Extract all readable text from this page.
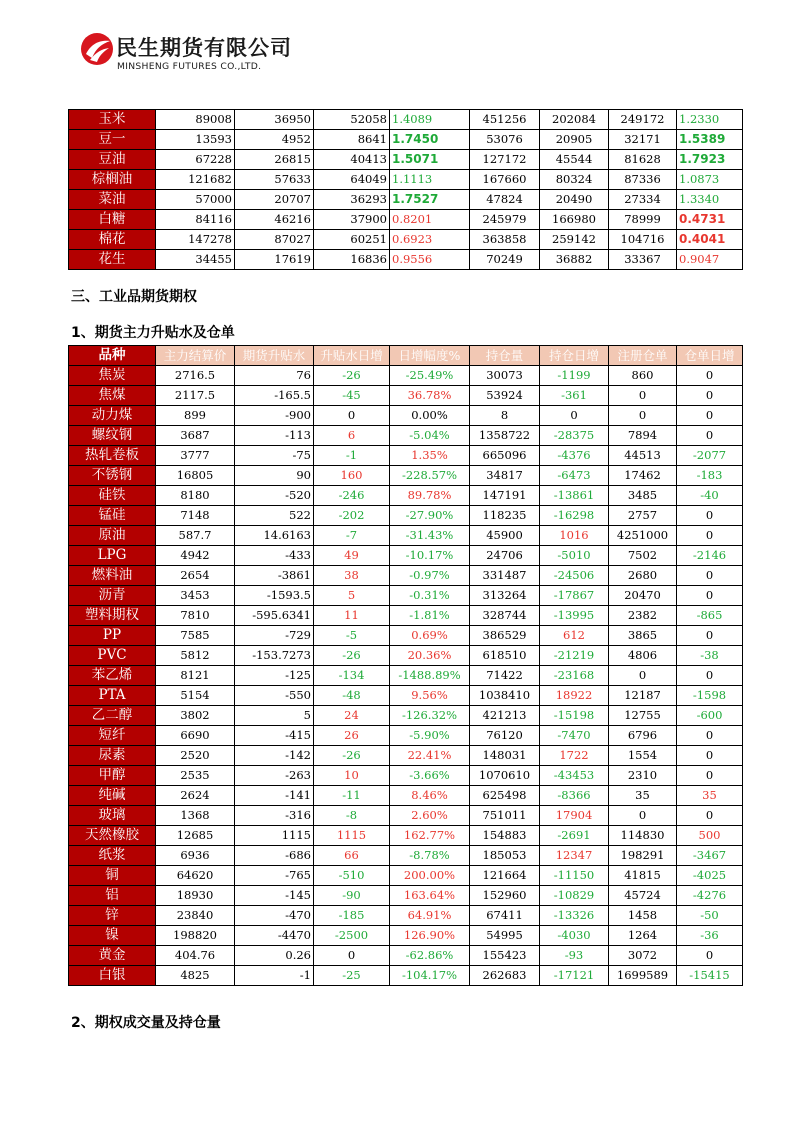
民生期货有限公司
MINSHENG FUTURES CO.,LTD.
玉米	89008	36950	52058	1.4089	451256	202084	249172	1.2330
豆一	13593	4952	8641	1.7450	53076	20905	32171	1.5389
豆油	67228	26815	40413	1.5071	127172	45544	81628	1.7923
棕榈油	121682	57633	64049	1.1113	167660	80324	87336	1.0873
菜油	57000	20707	36293	1.7527	47824	20490	27334	1.3340
白糖	84116	46216	37900	0.8201	245979	166980	78999	0.4731
棉花	147278	87027	60251	0.6923	363858	259142	104716	0.4041
花生	34455	17619	16836	0.9556	70249	36882	33367	0.9047
三、工业品期货期权
1、期货主力升贴水及仓单
品种	主力结算价	期货升贴水	升贴水日增	日增幅度%	持仓量	持仓日增	注册仓单	仓单日增
焦炭	2716.5	76	-26	-25.49%	30073	-1199	860	0
焦煤	2117.5	-165.5	-45	36.78%	53924	-361	0	0
动力煤	899	-900	0	0.00%	8	0	0	0
螺纹钢	3687	-113	6	-5.04%	1358722	-28375	7894	0
热轧卷板	3777	-75	-1	1.35%	665096	-4376	44513	-2077
不锈钢	16805	90	160	-228.57%	34817	-6473	17462	-183
硅铁	8180	-520	-246	89.78%	147191	-13861	3485	-40
锰硅	7148	522	-202	-27.90%	118235	-16298	2757	0
原油	587.7	14.6163	-7	-31.43%	45900	1016	4251000	0
LPG	4942	-433	49	-10.17%	24706	-5010	7502	-2146
燃料油	2654	-3861	38	-0.97%	331487	-24506	2680	0
沥青	3453	-1593.5	5	-0.31%	313264	-17867	20470	0
塑料期权	7810	-595.6341	11	-1.81%	328744	-13995	2382	-865
PP	7585	-729	-5	0.69%	386529	612	3865	0
PVC	5812	-153.7273	-26	20.36%	618510	-21219	4806	-38
苯乙烯	8121	-125	-134	-1488.89%	71422	-23168	0	0
PTA	5154	-550	-48	9.56%	1038410	18922	12187	-1598
乙二醇	3802	5	24	-126.32%	421213	-15198	12755	-600
短纤	6690	-415	26	-5.90%	76120	-7470	6796	0
尿素	2520	-142	-26	22.41%	148031	1722	1554	0
甲醇	2535	-263	10	-3.66%	1070610	-43453	2310	0
纯碱	2624	-141	-11	8.46%	625498	-8366	35	35
玻璃	1368	-316	-8	2.60%	751011	17904	0	0
天然橡胶	12685	1115	1115	162.77%	154883	-2691	114830	500
纸浆	6936	-686	66	-8.78%	185053	12347	198291	-3467
铜	64620	-765	-510	200.00%	121664	-11150	41815	-4025
铝	18930	-145	-90	163.64%	152960	-10829	45724	-4276
锌	23840	-470	-185	64.91%	67411	-13326	1458	-50
镍	198820	-4470	-2500	126.90%	54995	-4030	1264	-36
黄金	404.76	0.26	0	-62.86%	155423	-93	3072	0
白银	4825	-1	-25	-104.17%	262683	-17121	1699589	-15415
2、期权成交量及持仓量
